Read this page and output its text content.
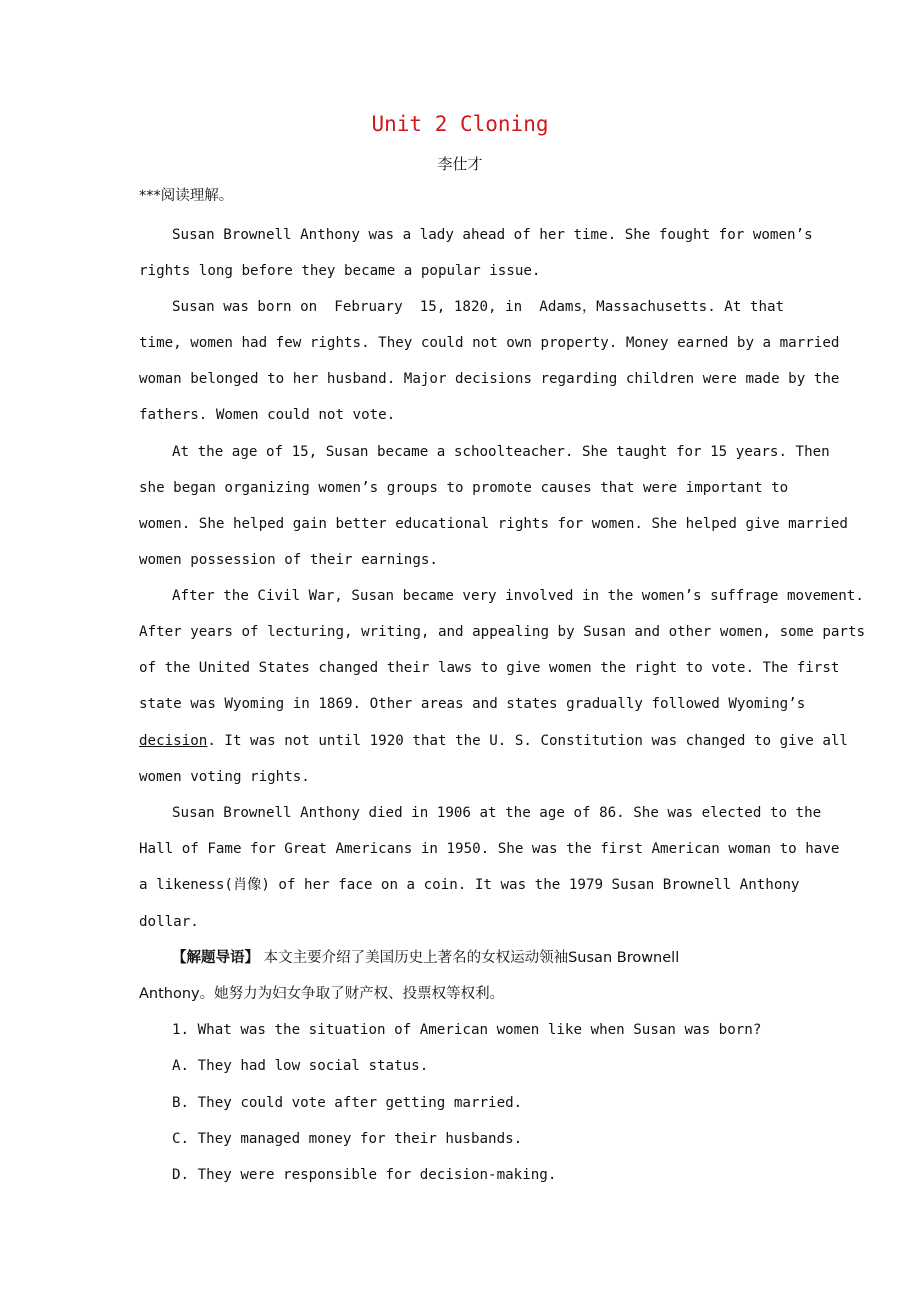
Unit 2 Cloning
李仕才
***阅读理解。
Susan Brownell Anthony was a lady ahead of her time. She fought for women’s
rights long before they became a popular issue.
Susan was born on  February  15, 1820, in  Adams，Massachusetts. At that
time, women had few rights. They could not own property. Money earned by a married
woman belonged to her husband. Major decisions regarding children were made by the
fathers. Women could not vote.
At the age of 15, Susan became a schoolteacher. She taught for 15 years. Then
she began organizing women’s groups to promote causes that were important to
women. She helped gain better educational rights for women. She helped give married
women possession of their earnings.
After the Civil War, Susan became very involved in the women’s suffrage movement.
After years of lecturing, writing, and appealing by Susan and other women, some parts
of the United States changed their laws to give women the right to vote. The first
state was Wyoming in 1869. Other areas and states gradually followed Wyoming’s
decision. It was not until 1920 that the U. S. Constitution was changed to give all
women voting rights.
Susan Brownell Anthony died in 1906 at the age of 86. She was elected to the
Hall of Fame for Great Americans in 1950. She was the first American woman to have
a likeness(肖像) of her face on a coin. It was the 1979 Susan Brownell Anthony
dollar.
【解题导语】 本文主要介绍了美国历史上著名的女权运动领袖Susan Brownell
Anthony。她努力为妇女争取了财产权、投票权等权利。
1. What was the situation of American women like when Susan was born?
A. They had low social status.
B. They could vote after getting married.
C. They managed money for their husbands.
D. They were responsible for decision-making.
